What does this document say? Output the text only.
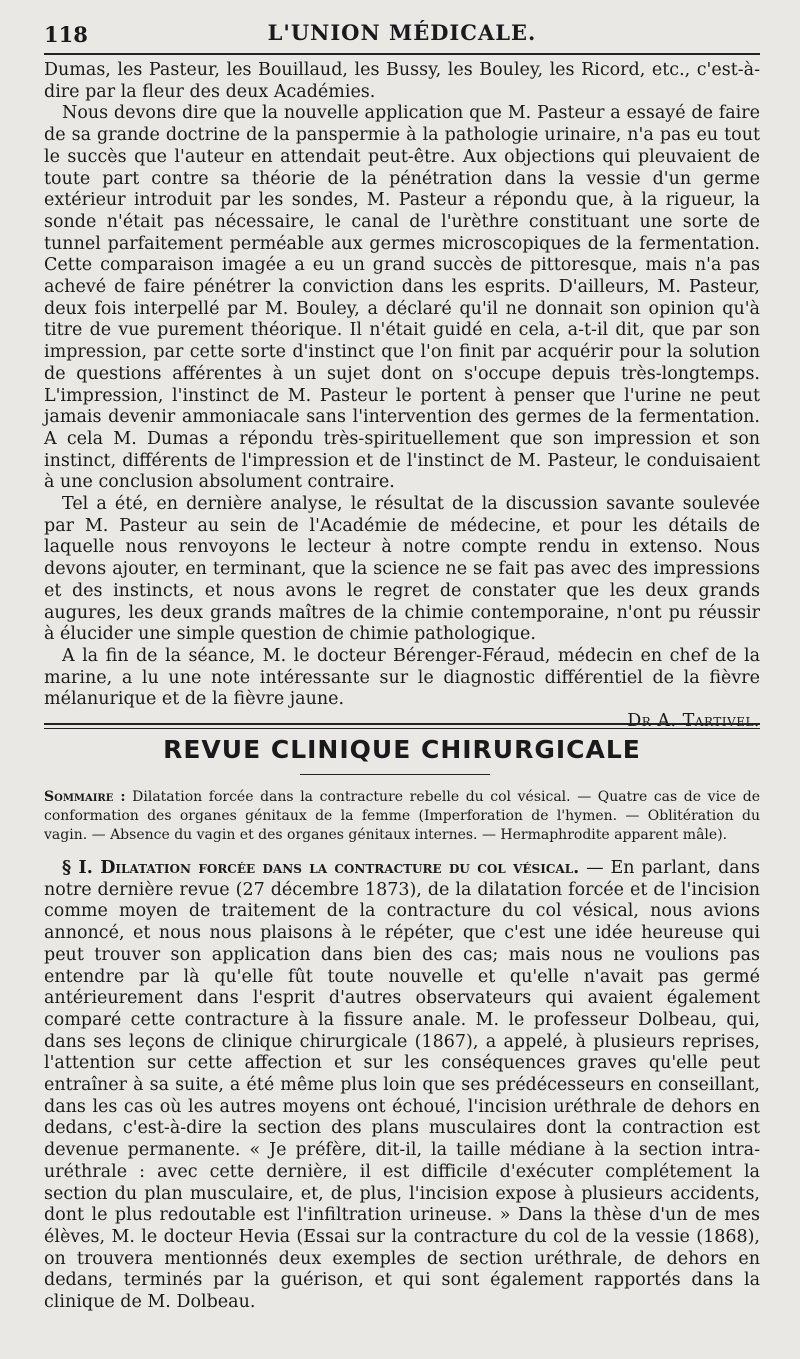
118	L'UNION MÉDICALE.

Dumas, les Pasteur, les Bouillaud, les Bussy, les Bouley, les Ricord, etc., c'est-à-dire par la fleur des deux Académies.

Nous devons dire que la nouvelle application que M. Pasteur a essayé de faire de sa grande doctrine de la panspermie à la pathologie urinaire, n'a pas eu tout le succès que l'auteur en attendait peut-être. Aux objections qui pleuvaient de toute part contre sa théorie de la pénétration dans la vessie d'un germe extérieur introduit par les sondes, M. Pasteur a répondu que, à la rigueur, la sonde n'était pas nécessaire, le canal de l'urèthre constituant une sorte de tunnel parfaitement perméable aux germes microscopiques de la fermentation. Cette comparaison imagée a eu un grand succès de pittoresque, mais n'a pas achevé de faire pénétrer la conviction dans les esprits. D'ailleurs, M. Pasteur, deux fois interpellé par M. Bouley, a déclaré qu'il ne donnait son opinion qu'à titre de vue purement théorique. Il n'était guidé en cela, a-t-il dit, que par son impression, par cette sorte d'instinct que l'on finit par acquérir pour la solution de questions afférentes à un sujet dont on s'occupe depuis très-longtemps. L'impression, l'instinct de M. Pasteur le portent à penser que l'urine ne peut jamais devenir ammoniacale sans l'intervention des germes de la fermentation. A cela M. Dumas a répondu très-spirituellement que son impression et son instinct, différents de l'impression et de l'instinct de M. Pasteur, le conduisaient à une conclusion absolument contraire.

Tel a été, en dernière analyse, le résultat de la discussion savante soulevée par M. Pasteur au sein de l'Académie de médecine, et pour les détails de laquelle nous renvoyons le lecteur à notre compte rendu in extenso. Nous devons ajouter, en terminant, que la science ne se fait pas avec des impressions et des instincts, et nous avons le regret de constater que les deux grands augures, les deux grands maîtres de la chimie contemporaine, n'ont pu réussir à élucider une simple question de chimie pathologique.

A la fin de la séance, M. le docteur Bérenger-Féraud, médecin en chef de la marine, a lu une note intéressante sur le diagnostic différentiel de la fièvre mélanurique et de la fièvre jaune.

Dr A. Tartivel.
REVUE CLINIQUE CHIRURGICALE
Sommaire : Dilatation forcée dans la contracture rebelle du col vésical. — Quatre cas de vice de conformation des organes génitaux de la femme (Imperforation de l'hymen. — Oblitération du vagin. — Absence du vagin et des organes génitaux internes. — Hermaphrodite apparent mâle).

§ I. Dilatation forcée dans la contracture du col vésical. — En parlant, dans notre dernière revue (27 décembre 1873), de la dilatation forcée et de l'incision comme moyen de traitement de la contracture du col vésical, nous avions annoncé, et nous nous plaisons à le répéter, que c'est une idée heureuse qui peut trouver son application dans bien des cas; mais nous ne voulions pas entendre par là qu'elle fût toute nouvelle et qu'elle n'avait pas germé antérieurement dans l'esprit d'autres observateurs qui avaient également comparé cette contracture à la fissure anale. M. le professeur Dolbeau, qui, dans ses leçons de clinique chirurgicale (1867), a appelé, à plusieurs reprises, l'attention sur cette affection et sur les conséquences graves qu'elle peut entraîner à sa suite, a été même plus loin que ses prédécesseurs en conseillant, dans les cas où les autres moyens ont échoué, l'incision uréthrale de dehors en dedans, c'est-à-dire la section des plans musculaires dont la contraction est devenue permanente. « Je préfère, dit-il, la taille médiane à la section intra-uréthrale : avec cette dernière, il est difficile d'exécuter complétement la section du plan musculaire, et, de plus, l'incision expose à plusieurs accidents, dont le plus redoutable est l'infiltration urineuse. » Dans la thèse d'un de mes élèves, M. le docteur Hevia (Essai sur la contracture du col de la vessie (1868), on trouvera mentionnés deux exemples de section uréthrale, de dehors en dedans, terminés par la guérison, et qui sont également rapportés dans la clinique de M. Dolbeau.
